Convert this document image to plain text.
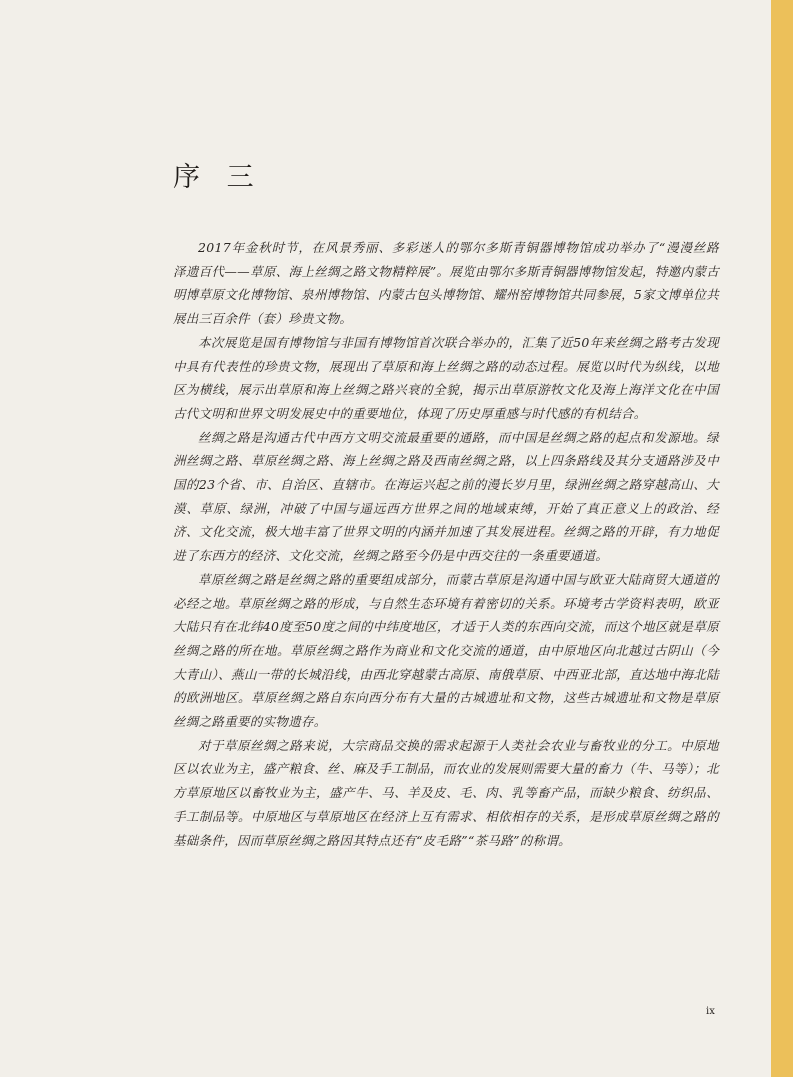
序 三

2017年金秋时节，在风景秀丽、多彩迷人的鄂尔多斯青铜器博物馆成功举办了“漫漫丝路　泽遗百代——草原、海上丝绸之路文物精粹展”。展览由鄂尔多斯青铜器博物馆发起，特邀内蒙古明博草原文化博物馆、泉州博物馆、内蒙古包头博物馆、耀州窑博物馆共同参展，5家文博单位共展出三百余件（套）珍贵文物。

本次展览是国有博物馆与非国有博物馆首次联合举办的，汇集了近50年来丝绸之路考古发现中具有代表性的珍贵文物，展现出了草原和海上丝绸之路的动态过程。展览以时代为纵线，以地区为横线，展示出草原和海上丝绸之路兴衰的全貌，揭示出草原游牧文化及海上海洋文化在中国古代文明和世界文明发展史中的重要地位，体现了历史厚重感与时代感的有机结合。

丝绸之路是沟通古代中西方文明交流最重要的通路，而中国是丝绸之路的起点和发源地。绿洲丝绸之路、草原丝绸之路、海上丝绸之路及西南丝绸之路，以上四条路线及其分支通路涉及中国的23个省、市、自治区、直辖市。在海运兴起之前的漫长岁月里，绿洲丝绸之路穿越高山、大漠、草原、绿洲，冲破了中国与遥远西方世界之间的地域束缚，开始了真正意义上的政治、经济、文化交流，极大地丰富了世界文明的内涵并加速了其发展进程。丝绸之路的开辟，有力地促进了东西方的经济、文化交流，丝绸之路至今仍是中西交往的一条重要通道。

草原丝绸之路是丝绸之路的重要组成部分，而蒙古草原是沟通中国与欧亚大陆商贸大通道的必经之地。草原丝绸之路的形成，与自然生态环境有着密切的关系。环境考古学资料表明，欧亚大陆只有在北纬40度至50度之间的中纬度地区，才适于人类的东西向交流，而这个地区就是草原丝绸之路的所在地。草原丝绸之路作为商业和文化交流的通道，由中原地区向北越过古阴山（今大青山）、燕山一带的长城沿线，由西北穿越蒙古高原、南俄草原、中西亚北部，直达地中海北陆的欧洲地区。草原丝绸之路自东向西分布有大量的古城遗址和文物，这些古城遗址和文物是草原丝绸之路重要的实物遗存。

对于草原丝绸之路来说，大宗商品交换的需求起源于人类社会农业与畜牧业的分工。中原地区以农业为主，盛产粮食、丝、麻及手工制品，而农业的发展则需要大量的畜力（牛、马等）；北方草原地区以畜牧业为主，盛产牛、马、羊及皮、毛、肉、乳等畜产品，而缺少粮食、纺织品、手工制品等。中原地区与草原地区在经济上互有需求、相依相存的关系，是形成草原丝绸之路的基础条件，因而草原丝绸之路因其特点还有“皮毛路”“茶马路”的称谓。

ix
